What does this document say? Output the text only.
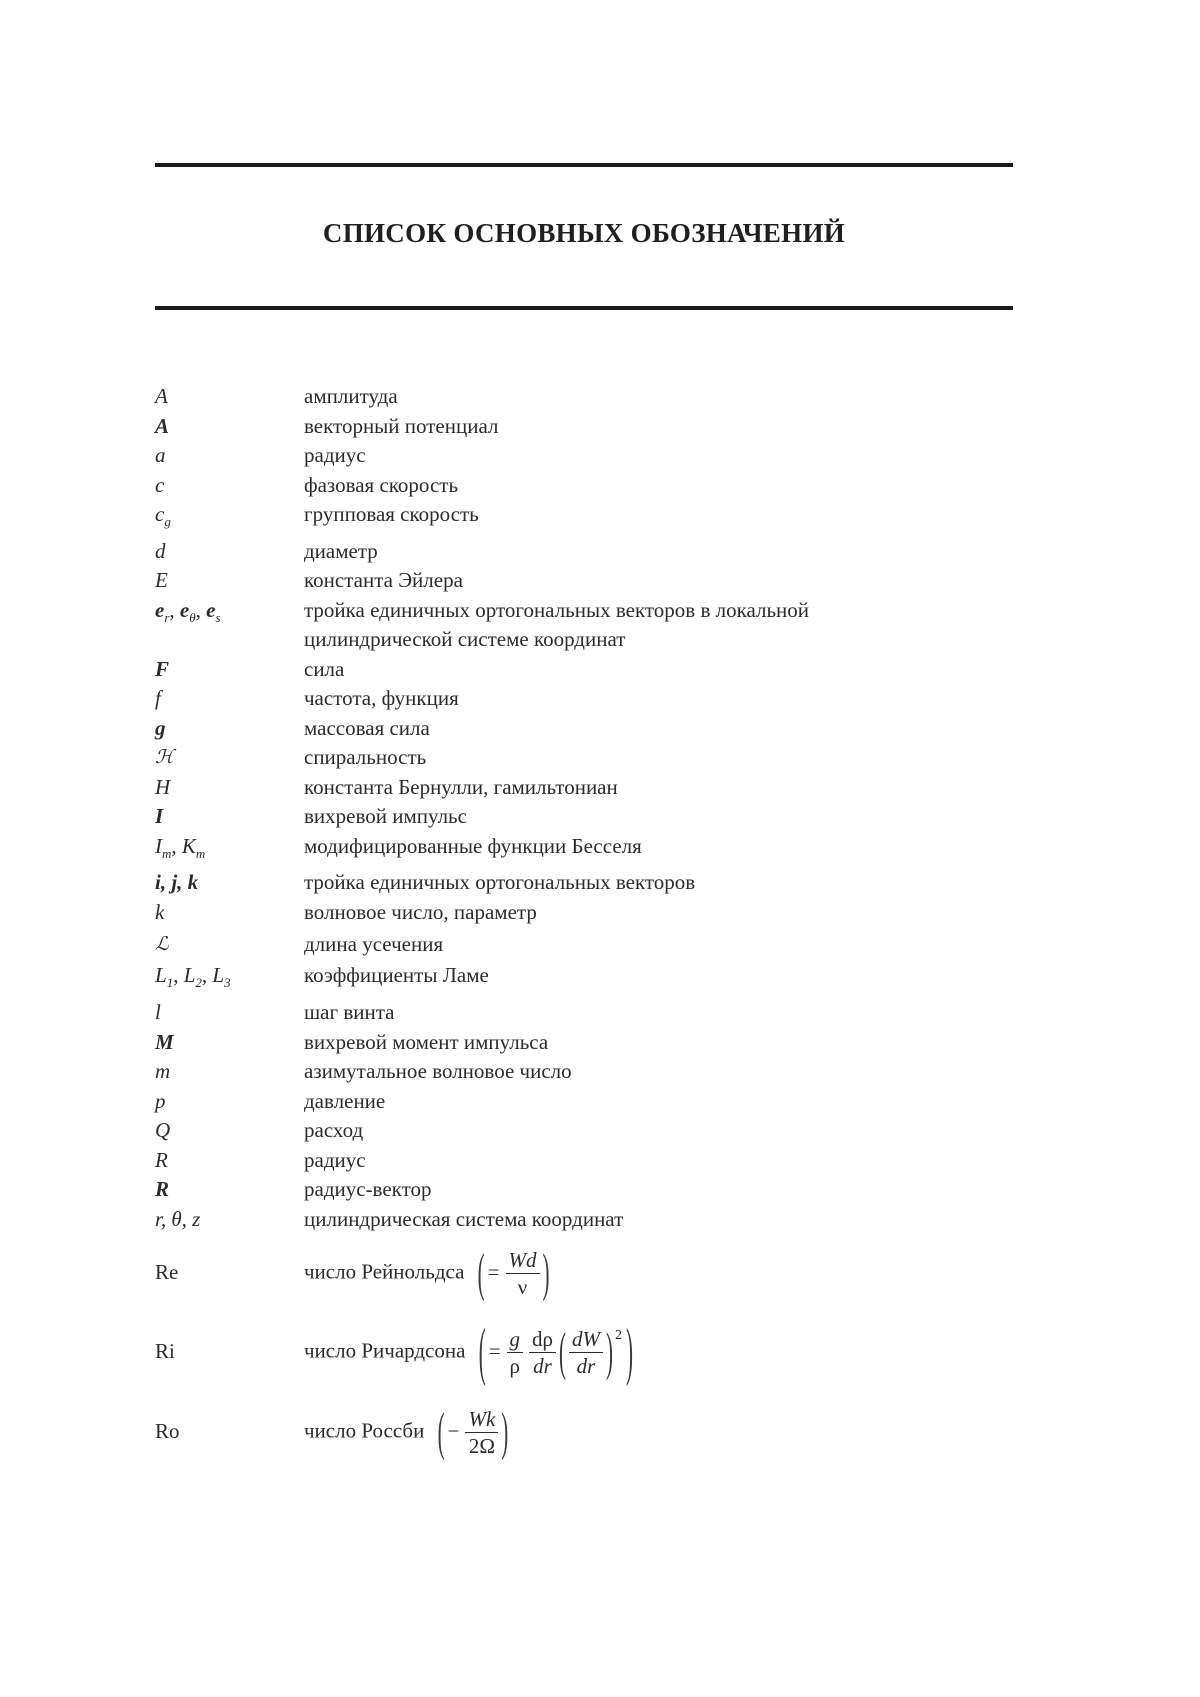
СПИСОК ОСНОВНЫХ ОБОЗНАЧЕНИЙ
A	амплитуда
A	векторный потенциал
a	радиус
c	фазовая скорость
$c_g$	групповая скорость
d	диаметр
E	константа Эйлера
$e_r$, $e_\theta$, $e_s$	тройка единичных ортогональных векторов в локальной
цилиндрической системе координат
F	сила
f	частота, функция
g	массовая сила
ℋ	спиральность
H	константа Бернулли, гамильтониан
I	вихревой импульс
$I_m$, $K_m$	модифицированные функции Бесселя
i, j, k	тройка единичных ортогональных векторов
k	волновое число, параметр
ℒ	длина усечения
$L_1$, $L_2$, $L_3$	коэффициенты Ламе
l	шаг винта
M	вихревой момент импульса
m	азимутальное волновое число
p	давление
Q	расход
R	радиус
R	радиус-вектор
r, θ, z	цилиндрическая система координат
Re	число Рейнольдса ( = $\frac{Wd}{\nu}$ )
Ri	число Ричардсона ( = $\frac{g}{\rho} \frac{d\rho}{dr}$ ( $\frac{dW}{dr}$ ) 2 )
Ro	число Россби ( − $\frac{Wk}{2\Omega}$ )
